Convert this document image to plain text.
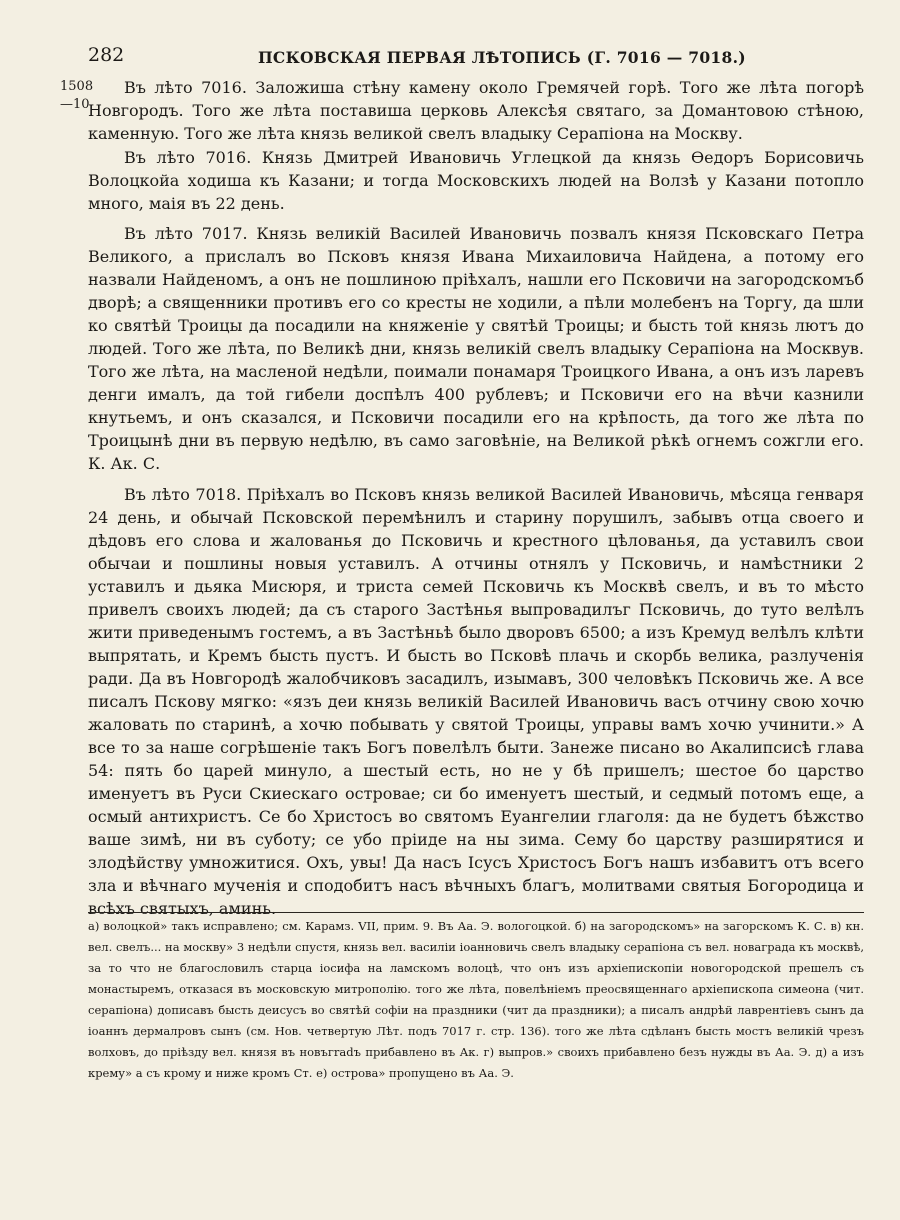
282	ПСКОВСКАЯ ПЕРВАЯ ЛѢТОПИСЬ (Г. 7016 — 7018.)
1508
—10

Въ лѣто 7016. Заложиша стѣну камену около Гремячей горѣ. Того же лѣта погорѣ Новгородъ. Того же лѣта поставиша церковь Алексѣя святаго, за Домантовою стѣною, каменную. Того же лѣта князь великой свелъ владыку Серапіона на Москву.

Въ лѣто 7016. Князь Дмитрей Ивановичь Углецкой да князь Ѳедоръ Борисовичь Волоцкойа ходиша къ Казани; и тогда Московскихъ людей на Волзѣ у Казани потопло много, маія въ 22 день.

Въ лѣто 7017. Князь великій Василей Ивановичь позвалъ князя Псковскаго Петра Великого, а прислалъ во Псковъ князя Ивана Михаиловича Найдена, а потому его назвали Найденомъ, а онъ не пошлиною пріѣхалъ, нашли его Псковичи на загородскомъб дворѣ; а священники противъ его со кресты не ходили, а пѣли молебенъ на Торгу, да шли ко святѣй Троицы да посадили на княженіе у святѣй Троицы; и бысть той князь лютъ до людей. Того же лѣта, по Великѣ дни, князь великій свелъ владыку Серапіона на Москвув. Того же лѣта, на масленой недѣли, поимали понамаря Троицкого Ивана, а онъ изъ ларевъ денги ималъ, да той гибели доспѣлъ 400 рублевъ; и Псковичи его на вѣчи казнили кнутьемъ, и онъ сказался, и Псковичи посадили его на крѣпость, да того же лѣта по Троицынѣ дни въ первую недѣлю, въ само заговѣніе, на Великой рѣкѣ огнемъ сожгли его. К. Ак. С.

Въ лѣто 7018. Пріѣхалъ во Псковъ князь великой Василей Ивановичь, мѣсяца генваря 24 день, и обычай Псковской перемѣнилъ и старину порушилъ, забывъ отца своего и дѣдовъ его слова и жалованья до Псковичь и крестного цѣлованья, да уставилъ свои обычаи и пошлины новыя уставилъ. А отчины отнялъ у Псковичь, и намѣстники 2 уставилъ и дьяка Мисюря, и триста семей Псковичь къ Москвѣ свелъ, и въ то мѣсто привелъ своихъ людей; да съ старого Застѣнья выпровадилъг Псковичь, до туто велѣлъ жити приведенымъ гостемъ, а въ Застѣньѣ было дворовъ 6500; а изъ Кремуд велѣлъ клѣти выпрятать, и Кремъ бысть пустъ. И бысть во Псковѣ плачь и скорбь велика, разлученія ради. Да въ Новгородѣ жалобчиковъ засадилъ, изымавъ, 300 человѣкъ Псковичь же. А все писалъ Пскову мягко: «язъ деи князь великій Василей Ивановичь васъ отчину свою хочю жаловать по старинѣ, а хочю побывать у святой Троицы, управы вамъ хочю учинити.» А все то за наше согрѣшеніе такъ Богъ повелѣлъ быти. Занеже писано во Акалипсисѣ глава 54: пять бо царей минуло, а шестый есть, но не у бѣ пришелъ; шестое бо царство именуетъ въ Руси Скиескаго островае; си бо именуетъ шестый, и седмый потомъ еще, а осмый антихристъ. Се бо Христосъ во святомъ Еуангелии глаголя: да не будетъ бѣжство ваше зимѣ, ни въ суботу; се убо пріиде на ны зима. Сему бо царству разширятися и злодѣйству умножитися. Охъ, увы! Да насъ Ісусъ Христосъ Богъ нашъ избавитъ отъ всего зла и вѣчнаго мученія и сподобитъ насъ вѣчныхъ благъ, молитвами святыя Богородица и всѣхъ святыхъ, аминь.

а) волоцкой» такъ исправлено; см. Карамз. VII, прим. 9. Въ Аа. Э. вологоцкой. б) на загородскомъ» на загорскомъ К. С. в) кн. вел. свелъ... на москву» 3 недѣли спустя, князь вел. василіи іоанновичь свелъ владыку серапіона съ вел. новаграда къ москвѣ, за то что не благословилъ старца іосифа на ламскомъ волоцѣ, что онъ изъ архіепископіи новогородской прешелъ съ монастыремъ, отказася въ московскую митрополію. того же лѣта, повелѣніемъ преосвященнаго архіепископа симеона (чит. серапіона) дописавъ бысть деисусъ во святѣй софіи на праздники (чит да праздники); а писалъ андрѣй лаврентіевъ сынъ да іоаннъ дермалровъ сынъ (см. Нов. четвертую Лѣт. подъ 7017 г. стр. 136). того же лѣта сдѣланъ бысть мостъ великій чрезъ волховъ, до пріѣзду вел. князя въ новъгradъ прибавлено въ Ак. г) выпров.» своихъ прибавлено безъ нужды въ Аа. Э. д) а изъ крему» а съ крому и ниже кромъ Ст. е) острова» пропущено въ Аа. Э.
